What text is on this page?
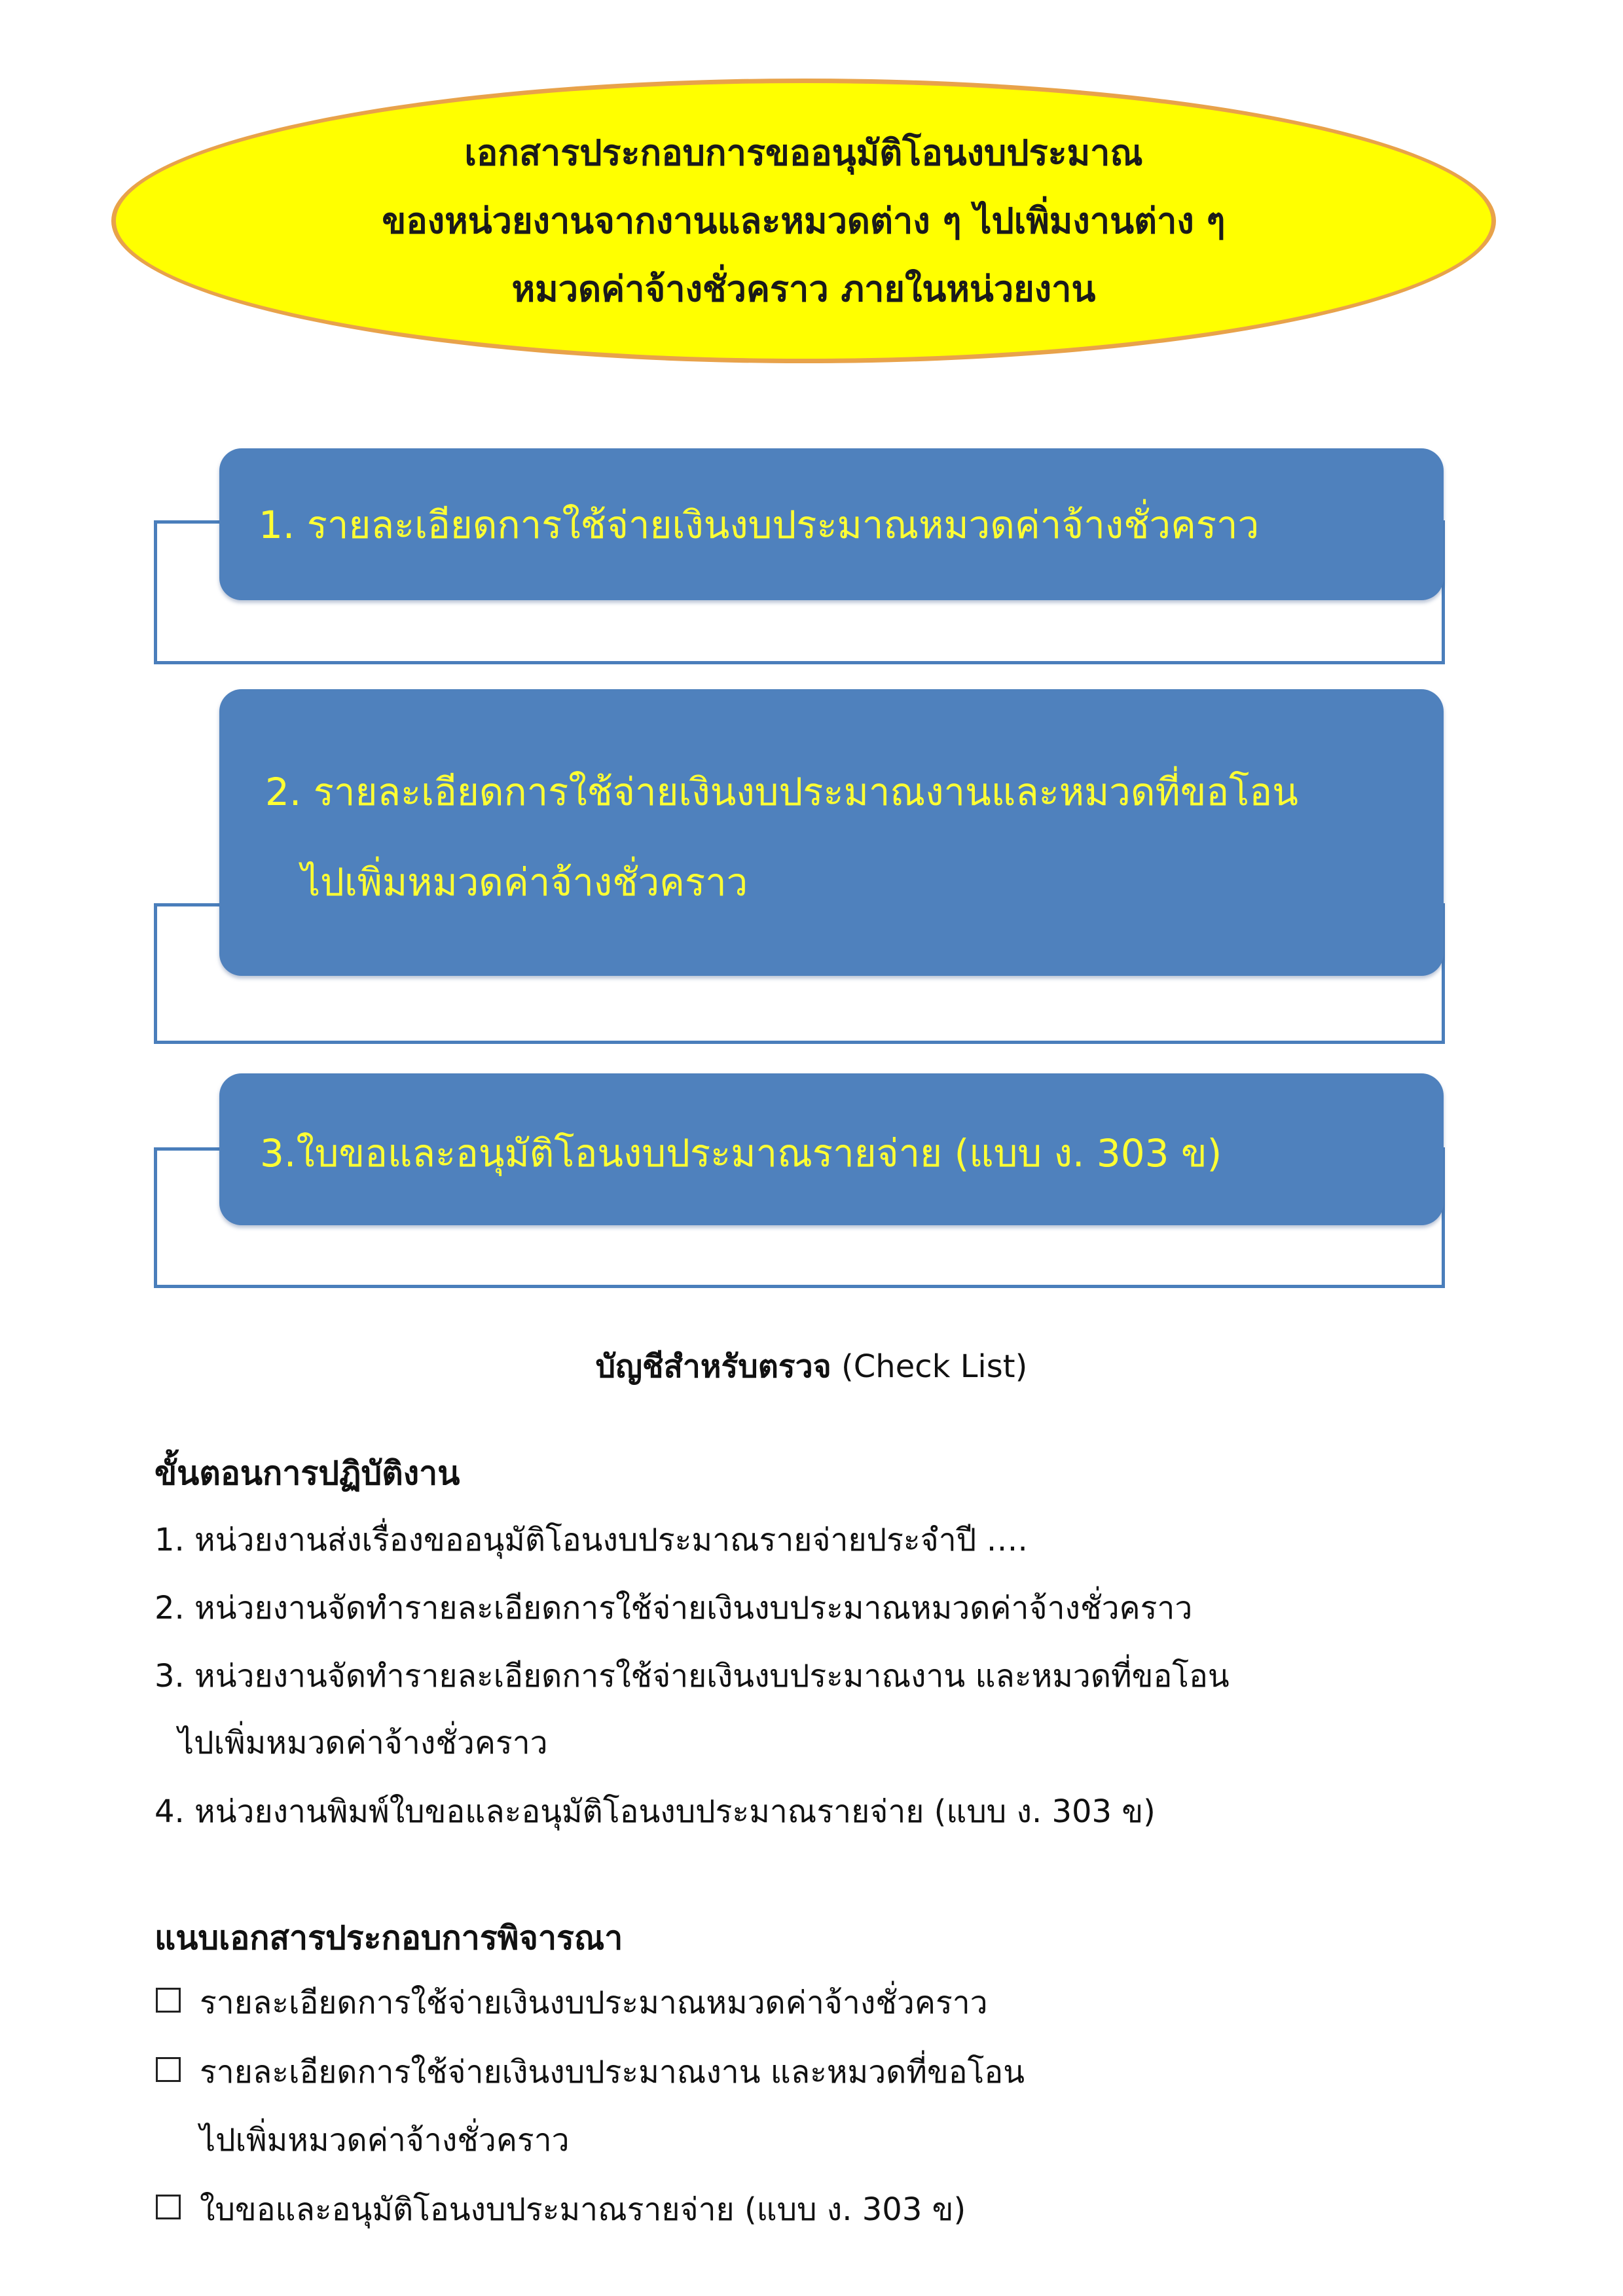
เอกสารประกอบการขออนุมัติโอนงบประมาณ
ของหน่วยงานจากงานและหมวดต่าง ๆ ไปเพิ่มงานต่าง ๆ
หมวดค่าจ้างชั่วคราว ภายในหน่วยงาน
1. รายละเอียดการใช้จ่ายเงินงบประมาณหมวดค่าจ้างชั่วคราว
2. รายละเอียดการใช้จ่ายเงินงบประมาณงานและหมวดที่ขอโอน
ไปเพิ่มหมวดค่าจ้างชั่วคราว
3.ใบขอและอนุมัติโอนงบประมาณรายจ่าย (แบบ ง. 303 ข)
บัญชีสำหรับตรวจ (Check List)
ขั้นตอนการปฏิบัติงาน
1. หน่วยงานส่งเรื่องขออนุมัติโอนงบประมาณรายจ่ายประจำปี ….
2. หน่วยงานจัดทำรายละเอียดการใช้จ่ายเงินงบประมาณหมวดค่าจ้างชั่วคราว
3. หน่วยงานจัดทำรายละเอียดการใช้จ่ายเงินงบประมาณงาน และหมวดที่ขอโอน
ไปเพิ่มหมวดค่าจ้างชั่วคราว
4. หน่วยงานพิมพ์ใบขอและอนุมัติโอนงบประมาณรายจ่าย (แบบ ง. 303 ข)
แนบเอกสารประกอบการพิจารณา
รายละเอียดการใช้จ่ายเงินงบประมาณหมวดค่าจ้างชั่วคราว
รายละเอียดการใช้จ่ายเงินงบประมาณงาน และหมวดที่ขอโอน
ไปเพิ่มหมวดค่าจ้างชั่วคราว
ใบขอและอนุมัติโอนงบประมาณรายจ่าย (แบบ ง. 303 ข)
